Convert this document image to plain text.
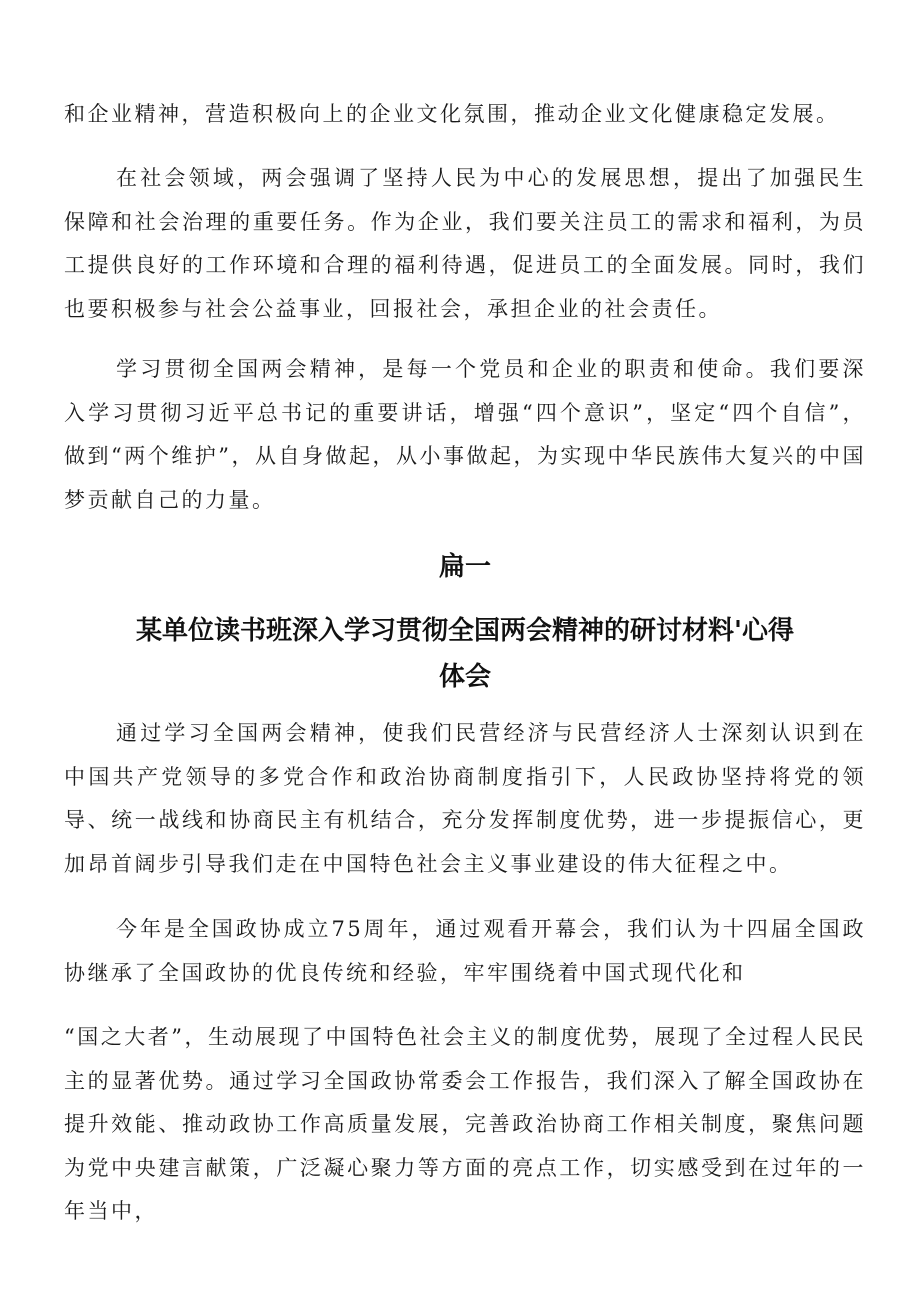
和企业精神，营造积极向上的企业文化氛围，推动企业文化健康稳定发展。

在社会领域，两会强调了坚持人民为中心的发展思想，提出了加强民生保障和社会治理的重要任务。作为企业，我们要关注员工的需求和福利，为员工提供良好的工作环境和合理的福利待遇，促进员工的全面发展。同时，我们也要积极参与社会公益事业，回报社会，承担企业的社会责任。

学习贯彻全国两会精神，是每一个党员和企业的职责和使命。我们要深入学习贯彻习近平总书记的重要讲话，增强“四个意识”，坚定“四个自信”，做到“两个维护”，从自身做起，从小事做起，为实现中华民族伟大复兴的中国梦贡献自己的力量。

扁一
某单位读书班深入学习贯彻全国两会精神的研讨材料'心得体会

通过学习全国两会精神，使我们民营经济与民营经济人士深刻认识到在中国共产党领导的多党合作和政治协商制度指引下，人民政协坚持将党的领导、统一战线和协商民主有机结合，充分发挥制度优势，进一步提振信心，更加昂首阔步引导我们走在中国特色社会主义事业建设的伟大征程之中。

今年是全国政协成立75周年，通过观看开幕会，我们认为十四届全国政协继承了全国政协的优良传统和经验，牢牢围绕着中国式现代化和

“国之大者”，生动展现了中国特色社会主义的制度优势，展现了全过程人民民主的显著优势。通过学习全国政协常委会工作报告，我们深入了解全国政协在提升效能、推动政协工作高质量发展，完善政治协商工作相关制度，聚焦问题为党中央建言献策，广泛凝心聚力等方面的亮点工作，切实感受到在过年的一年当中，
